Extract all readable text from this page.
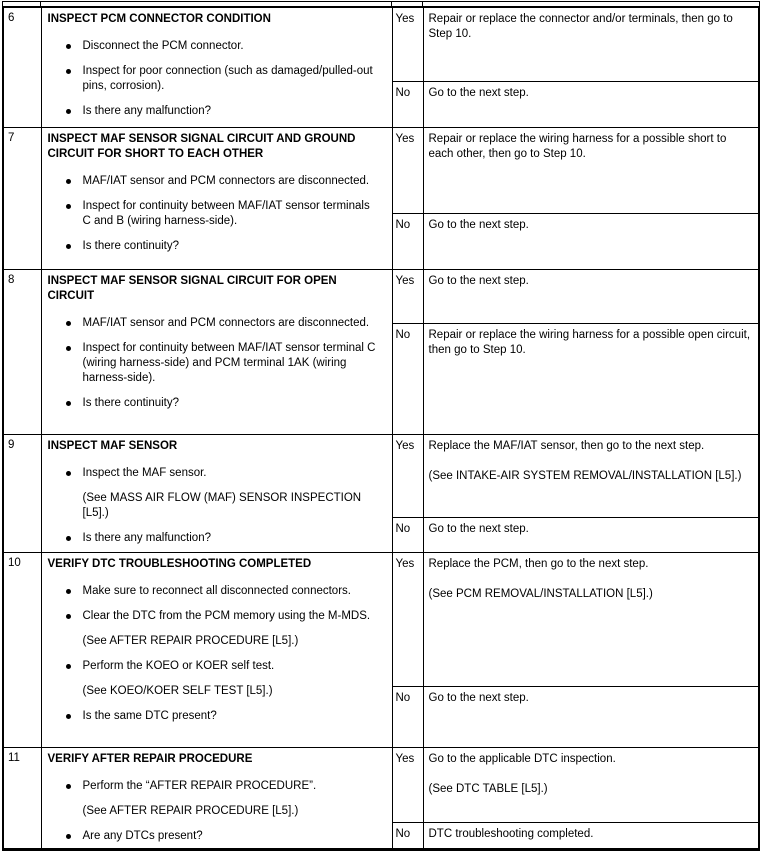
6	INSPECT PCM CONNECTOR CONDITION
Disconnect the PCM connector.
Inspect for poor connection (such as damaged/pulled-out pins, corrosion).
Is there any malfunction?	Yes	Repair or replace the connector and/or terminals, then go to Step 10.

		No	Go to the next step.

7	INSPECT MAF SENSOR SIGNAL CIRCUIT AND GROUND CIRCUIT FOR SHORT TO EACH OTHER
MAF/IAT sensor and PCM connectors are disconnected.
Inspect for continuity between MAF/IAT sensor terminals C and B (wiring harness-side).
Is there continuity?	Yes	Repair or replace the wiring harness for a possible short to each other, then go to Step 10.

		No	Go to the next step.

8	INSPECT MAF SENSOR SIGNAL CIRCUIT FOR OPEN CIRCUIT
MAF/IAT sensor and PCM connectors are disconnected.
Inspect for continuity between MAF/IAT sensor terminal C (wiring harness-side) and PCM terminal 1AK (wiring harness-side).
Is there continuity?	Yes	Go to the next step.

		No	Repair or replace the wiring harness for a possible open circuit, then go to Step 10.

9	INSPECT MAF SENSOR
Inspect the MAF sensor.
(See MASS AIR FLOW (MAF) SENSOR INSPECTION [L5].)
Is there any malfunction?
	Yes	Replace the MAF/IAT sensor, then go to the next step.
(See INTAKE-AIR SYSTEM REMOVAL/INSTALLATION [L5].)

		No	Go to the next step.

10	VERIFY DTC TROUBLESHOOTING COMPLETED
Make sure to reconnect all disconnected connectors.
Clear the DTC from the PCM memory using the M-MDS.
(See AFTER REPAIR PROCEDURE [L5].)
Perform the KOEO or KOER self test.
(See KOEO/KOER SELF TEST [L5].)
Is the same DTC present?
	Yes	Replace the PCM, then go to the next step.
(See PCM REMOVAL/INSTALLATION [L5].)

		No	Go to the next step.

11	VERIFY AFTER REPAIR PROCEDURE
Perform the “AFTER REPAIR PROCEDURE”.
(See AFTER REPAIR PROCEDURE [L5].)
Are any DTCs present?
	Yes	Go to the applicable DTC inspection.
(See DTC TABLE [L5].)

		No	DTC troubleshooting completed.
